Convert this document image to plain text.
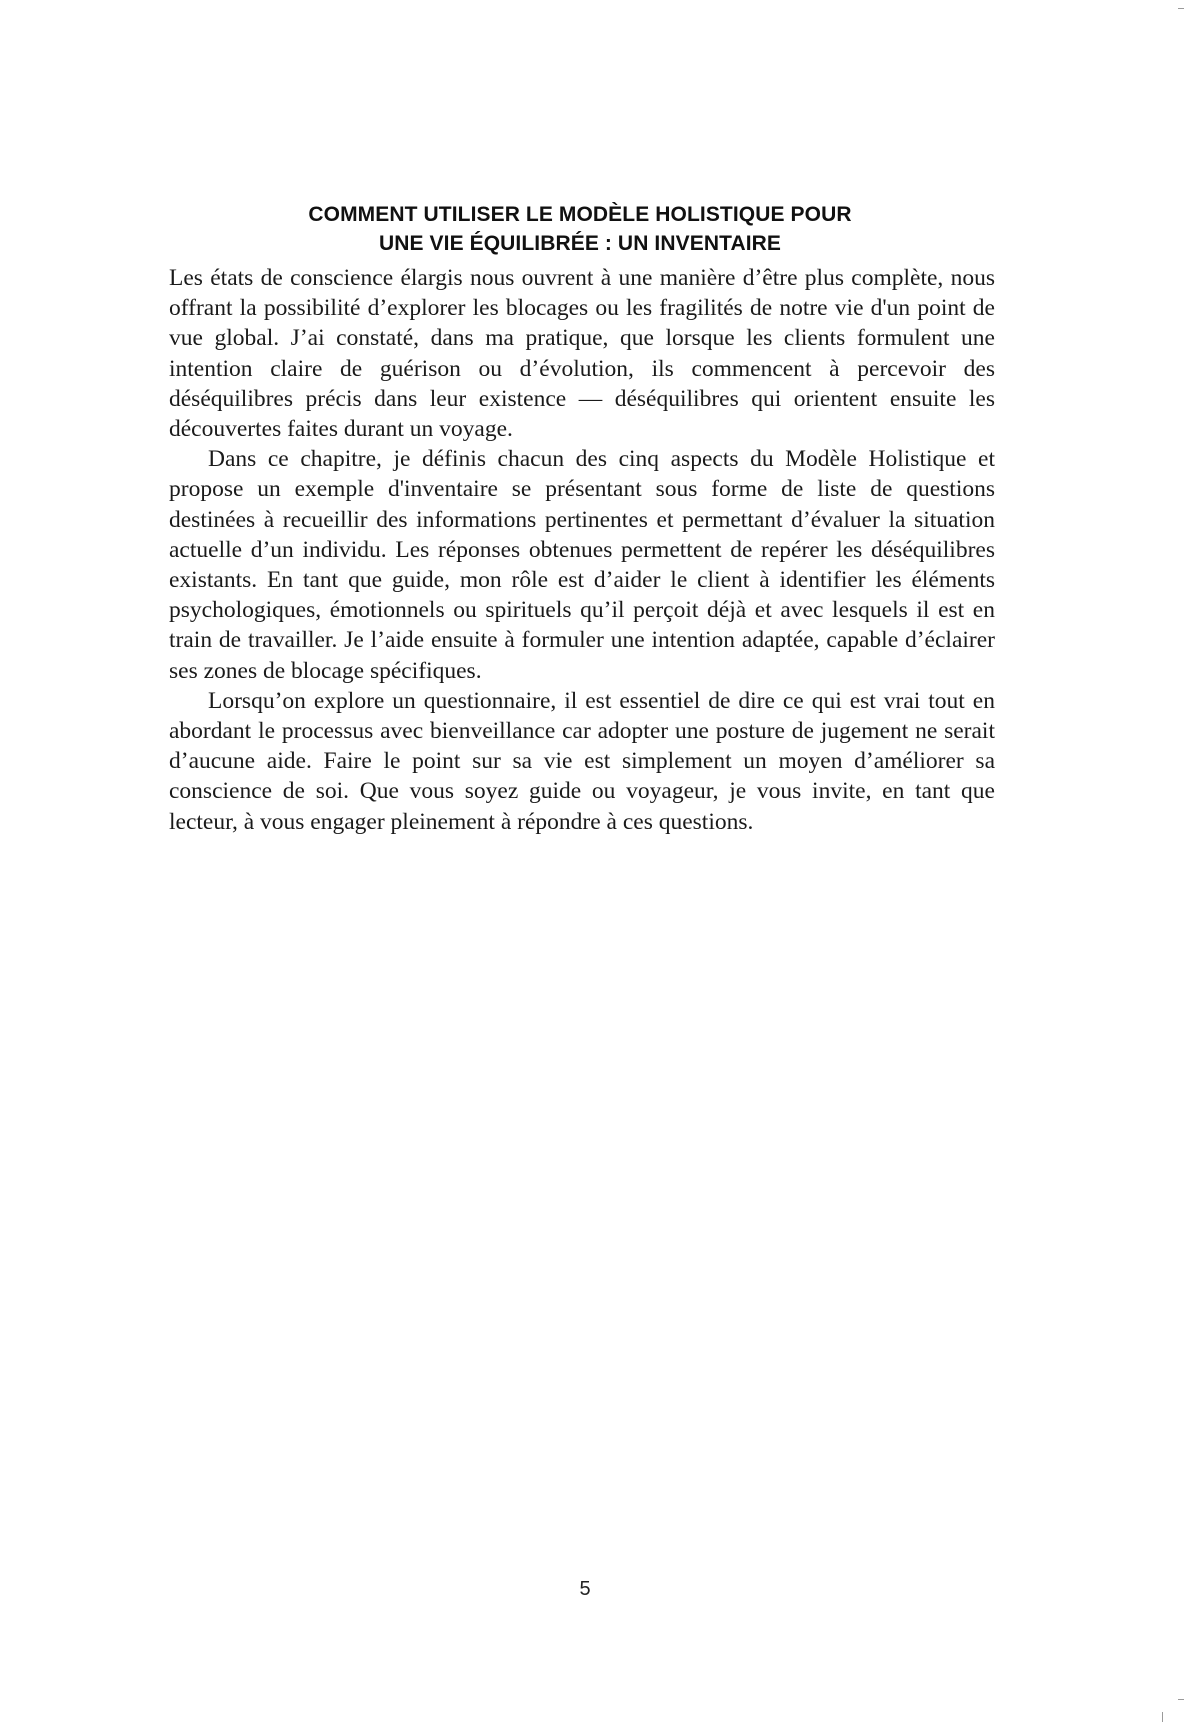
COMMENT UTILISER LE MODÈLE HOLISTIQUE POUR
UNE VIE ÉQUILIBRÉE : UN INVENTAIRE

Les états de conscience élargis nous ouvrent à une manière d’être plus complète, nous offrant la possibilité d’explorer les blocages ou les fragilités de notre vie d'un point de vue global. J’ai constaté, dans ma pratique, que lorsque les clients formulent une intention claire de guérison ou d’évolution, ils commencent à percevoir des déséquilibres précis dans leur existence — déséquilibres qui orientent ensuite les découvertes faites durant un voyage.

Dans ce chapitre, je définis chacun des cinq aspects du Modèle Holistique et propose un exemple d'inventaire se présentant sous forme de liste de questions destinées à recueillir des informations pertinentes et permettant d’évaluer la situation actuelle d’un individu. Les réponses obtenues permettent de repérer les déséquilibres existants. En tant que guide, mon rôle est d’aider le client à identifier les éléments psychologiques, émotionnels ou spirituels qu’il perçoit déjà et avec lesquels il est en train de travailler. Je l’aide ensuite à formuler une intention adaptée, capable d’éclairer ses zones de blocage spécifiques.

Lorsqu’on explore un questionnaire, il est essentiel de dire ce qui est vrai tout en abordant le processus avec bienveillance car adopter une posture de jugement ne serait d’aucune aide. Faire le point sur sa vie est simplement un moyen d’améliorer sa conscience de soi. Que vous soyez guide ou voyageur, je vous invite, en tant que lecteur, à vous engager pleinement à répondre à ces questions.

5
